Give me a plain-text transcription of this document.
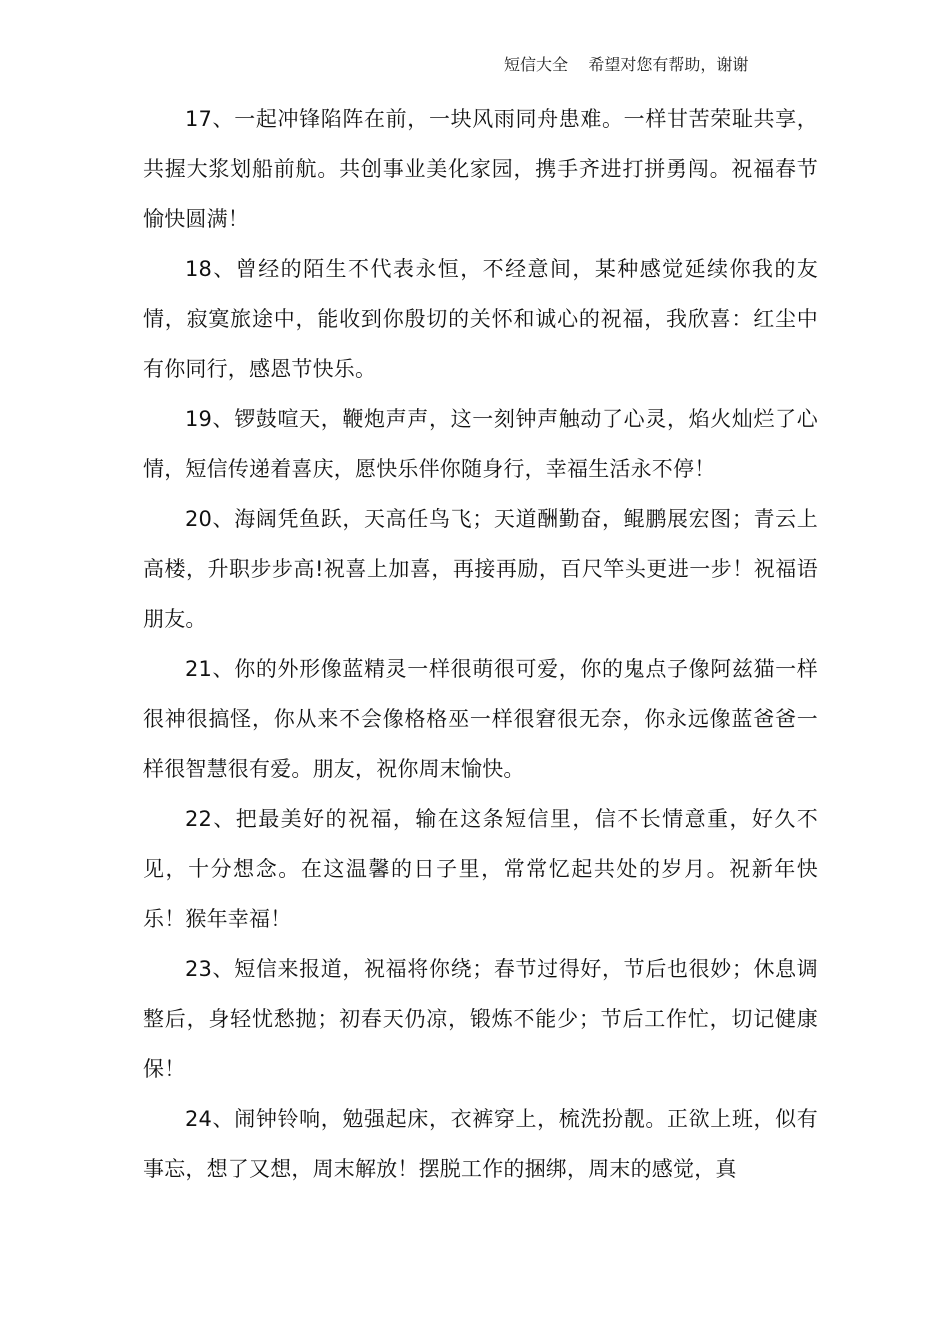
短信大全    希望对您有帮助，谢谢

17、一起冲锋陷阵在前，一块风雨同舟患难。一样甘苦荣耻共享，共握大浆划船前航。共创事业美化家园，携手齐进打拼勇闯。祝福春节愉快圆满！

18、曾经的陌生不代表永恒，不经意间，某种感觉延续你我的友情，寂寞旅途中，能收到你殷切的关怀和诚心的祝福，我欣喜：红尘中有你同行，感恩节快乐。

19、锣鼓喧天，鞭炮声声，这一刻钟声触动了心灵，焰火灿烂了心情，短信传递着喜庆，愿快乐伴你随身行，幸福生活永不停！

20、海阔凭鱼跃，天高任鸟飞；天道酬勤奋，鲲鹏展宏图；青云上高楼，升职步步高!祝喜上加喜，再接再励，百尺竿头更进一步！祝福语朋友。

21、你的外形像蓝精灵一样很萌很可爱，你的鬼点子像阿兹猫一样很神很搞怪，你从来不会像格格巫一样很窘很无奈，你永远像蓝爸爸一样很智慧很有爱。朋友，祝你周末愉快。

22、把最美好的祝福，输在这条短信里，信不长情意重，好久不见，十分想念。在这温馨的日子里，常常忆起共处的岁月。祝新年快乐！猴年幸福！

23、短信来报道，祝福将你绕；春节过得好，节后也很妙；休息调整后，身轻忧愁抛；初春天仍凉，锻炼不能少；节后工作忙，切记健康保！

24、闹钟铃响，勉强起床，衣裤穿上，梳洗扮靓。正欲上班，似有事忘，想了又想，周末解放！摆脱工作的捆绑，周末的感觉，真
